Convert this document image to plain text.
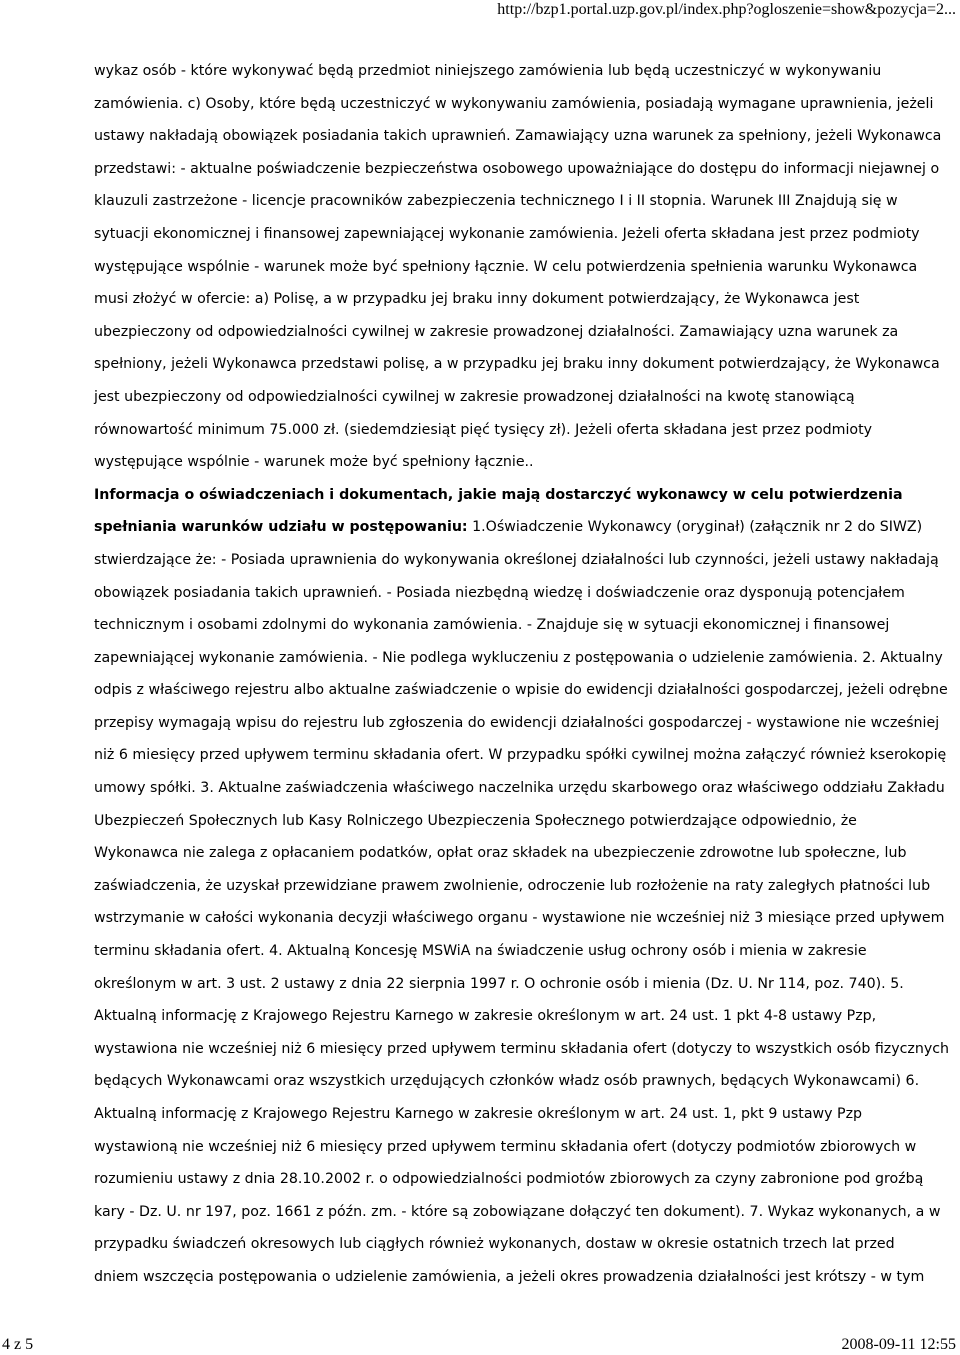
http://bzp1.portal.uzp.gov.pl/index.php?ogloszenie=show&pozycja=2...
wykaz osób - które wykonywać będą przedmiot niniejszego zamówienia lub będą uczestniczyć w wykonywaniu
zamówienia. c) Osoby, które będą uczestniczyć w wykonywaniu zamówienia, posiadają wymagane uprawnienia, jeżeli
ustawy nakładają obowiązek posiadania takich uprawnień. Zamawiający uzna warunek za spełniony, jeżeli Wykonawca
przedstawi: - aktualne poświadczenie bezpieczeństwa osobowego upoważniające do dostępu do informacji niejawnej o
klauzuli zastrzeżone - licencje pracowników zabezpieczenia technicznego I i II stopnia. Warunek III Znajdują się w
sytuacji ekonomicznej i finansowej zapewniającej wykonanie zamówienia. Jeżeli oferta składana jest przez podmioty
występujące wspólnie - warunek może być spełniony łącznie. W celu potwierdzenia spełnienia warunku Wykonawca
musi złożyć w ofercie: a) Polisę, a w przypadku jej braku inny dokument potwierdzający, że Wykonawca jest
ubezpieczony od odpowiedzialności cywilnej w zakresie prowadzonej działalności. Zamawiający uzna warunek za
spełniony, jeżeli Wykonawca przedstawi polisę, a w przypadku jej braku inny dokument potwierdzający, że Wykonawca
jest ubezpieczony od odpowiedzialności cywilnej w zakresie prowadzonej działalności na kwotę stanowiącą
równowartość minimum 75.000 zł. (siedemdziesiąt pięć tysięcy zł). Jeżeli oferta składana jest przez podmioty
występujące wspólnie - warunek może być spełniony łącznie..
Informacja o oświadczeniach i dokumentach, jakie mają dostarczyć wykonawcy w celu potwierdzenia
spełniania warunków udziału w postępowaniu: 1.Oświadczenie Wykonawcy (oryginał) (załącznik nr 2 do SIWZ)
stwierdzające że: - Posiada uprawnienia do wykonywania określonej działalności lub czynności, jeżeli ustawy nakładają
obowiązek posiadania takich uprawnień. - Posiada niezbędną wiedzę i doświadczenie oraz dysponują potencjałem
technicznym i osobami zdolnymi do wykonania zamówienia. - Znajduje się w sytuacji ekonomicznej i finansowej
zapewniającej wykonanie zamówienia. - Nie podlega wykluczeniu z postępowania o udzielenie zamówienia. 2. Aktualny
odpis z właściwego rejestru albo aktualne zaświadczenie o wpisie do ewidencji działalności gospodarczej, jeżeli odrębne
przepisy wymagają wpisu do rejestru lub zgłoszenia do ewidencji działalności gospodarczej - wystawione nie wcześniej
niż 6 miesięcy przed upływem terminu składania ofert. W przypadku spółki cywilnej można załączyć również kserokopię
umowy spółki. 3. Aktualne zaświadczenia właściwego naczelnika urzędu skarbowego oraz właściwego oddziału Zakładu
Ubezpieczeń Społecznych lub Kasy Rolniczego Ubezpieczenia Społecznego potwierdzające odpowiednio, że
Wykonawca nie zalega z opłacaniem podatków, opłat oraz składek na ubezpieczenie zdrowotne lub społeczne, lub
zaświadczenia, że uzyskał przewidziane prawem zwolnienie, odroczenie lub rozłożenie na raty zaległych płatności lub
wstrzymanie w całości wykonania decyzji właściwego organu - wystawione nie wcześniej niż 3 miesiące przed upływem
terminu składania ofert. 4. Aktualną Koncesję MSWiA na świadczenie usług ochrony osób i mienia w zakresie
określonym w art. 3 ust. 2 ustawy z dnia 22 sierpnia 1997 r. O ochronie osób i mienia (Dz. U. Nr 114, poz. 740). 5.
Aktualną informację z Krajowego Rejestru Karnego w zakresie określonym w art. 24 ust. 1 pkt 4-8 ustawy Pzp,
wystawiona nie wcześniej niż 6 miesięcy przed upływem terminu składania ofert (dotyczy to wszystkich osób fizycznych
będących Wykonawcami oraz wszystkich urzędujących członków władz osób prawnych, będących Wykonawcami) 6.
Aktualną informację z Krajowego Rejestru Karnego w zakresie określonym w art. 24 ust. 1, pkt 9 ustawy Pzp
wystawioną nie wcześniej niż 6 miesięcy przed upływem terminu składania ofert (dotyczy podmiotów zbiorowych w
rozumieniu ustawy z dnia 28.10.2002 r. o odpowiedzialności podmiotów zbiorowych za czyny zabronione pod groźbą
kary - Dz. U. nr 197, poz. 1661 z późn. zm. - które są zobowiązane dołączyć ten dokument). 7. Wykaz wykonanych, a w
przypadku świadczeń okresowych lub ciągłych również wykonanych, dostaw w okresie ostatnich trzech lat przed
dniem wszczęcia postępowania o udzielenie zamówienia, a jeżeli okres prowadzenia działalności jest krótszy - w tym
4 z 5	2008-09-11 12:55
